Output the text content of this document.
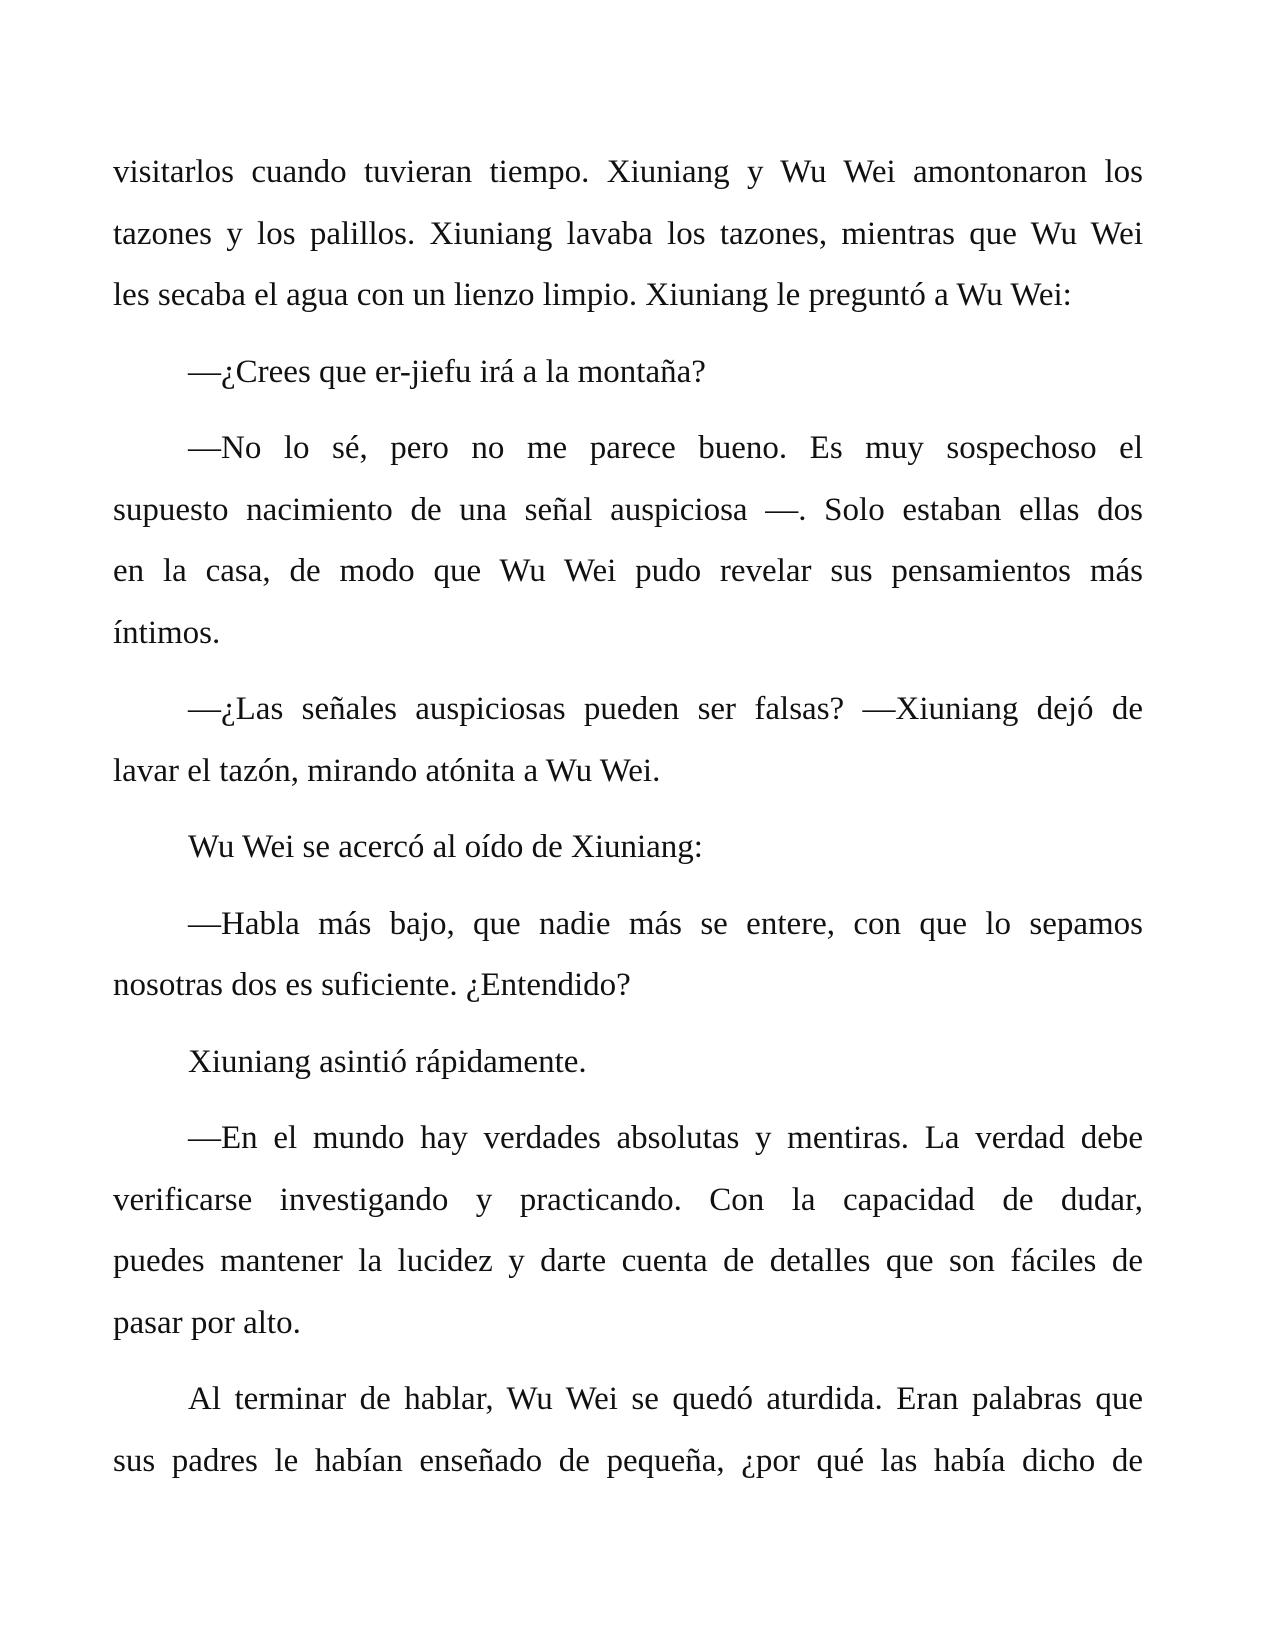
visitarlos cuando tuvieran tiempo. Xiuniang y Wu Wei amontonaron los
tazones y los palillos. Xiuniang lavaba los tazones, mientras que Wu Wei
les secaba el agua con un lienzo limpio. Xiuniang le preguntó a Wu Wei:
—¿Crees que er-jiefu irá a la montaña?
—No lo sé, pero no me parece bueno. Es muy sospechoso el
supuesto nacimiento de una señal auspiciosa —. Solo estaban ellas dos
en la casa, de modo que Wu Wei pudo revelar sus pensamientos más
íntimos.
—¿Las señales auspiciosas pueden ser falsas? —Xiuniang dejó de
lavar el tazón, mirando atónita a Wu Wei.
Wu Wei se acercó al oído de Xiuniang:
—Habla más bajo, que nadie más se entere, con que lo sepamos
nosotras dos es suficiente. ¿Entendido?
Xiuniang asintió rápidamente.
—En el mundo hay verdades absolutas y mentiras. La verdad debe
verificarse investigando y practicando. Con la capacidad de dudar,
puedes mantener la lucidez y darte cuenta de detalles que son fáciles de
pasar por alto.
Al terminar de hablar, Wu Wei se quedó aturdida. Eran palabras que
sus padres le habían enseñado de pequeña, ¿por qué las había dicho de
